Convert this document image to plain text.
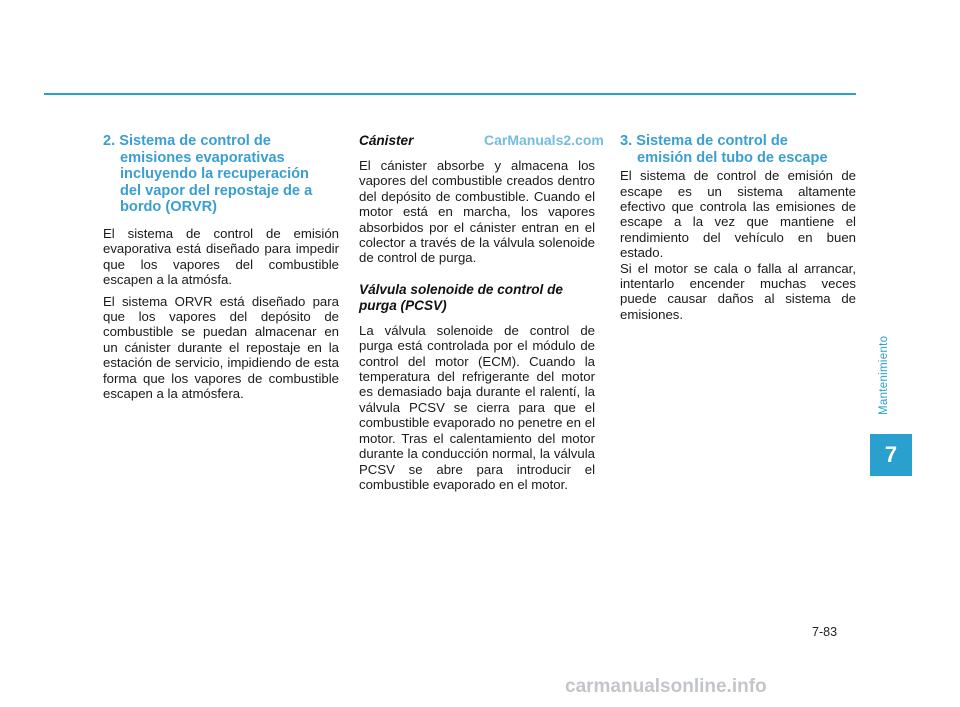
CarManuals2.com
2. Sistema de control de
emisiones evaporativas
incluyendo la recuperación
del vapor del repostaje de a
bordo (ORVR)

El sistema de control de emisión evaporativa está diseñado para impedir que los vapores del combustible escapen a la atmósfa.

El sistema ORVR está diseñado para que los vapores del depósito de combustible se puedan almacenar en un cánister durante el repostaje en la estación de servicio, impidiendo de esta forma que los vapores de combustible escapen a la atmósfera.

Cánister

El cánister absorbe y almacena los vapores del combustible creados dentro del depósito de combustible. Cuando el motor está en marcha, los vapores absorbidos por el cánister entran en el colector a través de la válvula solenoide de control de purga.

Válvula solenoide de control de purga (PCSV)

La válvula solenoide de control de purga está controlada por el módulo de control del motor (ECM). Cuando la temperatura del refrigerante del motor es demasiado baja durante el ralentí, la válvula PCSV se cierra para que el combustible evaporado no penetre en el motor. Tras el calentamiento del motor durante la conducción normal, la válvula PCSV se abre para introducir el combustible evaporado en el motor.

3. Sistema de control de
emisión del tubo de escape

El sistema de control de emisión de escape es un sistema altamente efectivo que controla las emisiones de escape a la vez que mantiene el rendimiento del vehículo en buen estado.

Si el motor se cala o falla al arrancar, intentarlo encender muchas veces puede causar daños al sistema de emisiones.

Mantenimiento
7
7-83
carmanualsonline.info
